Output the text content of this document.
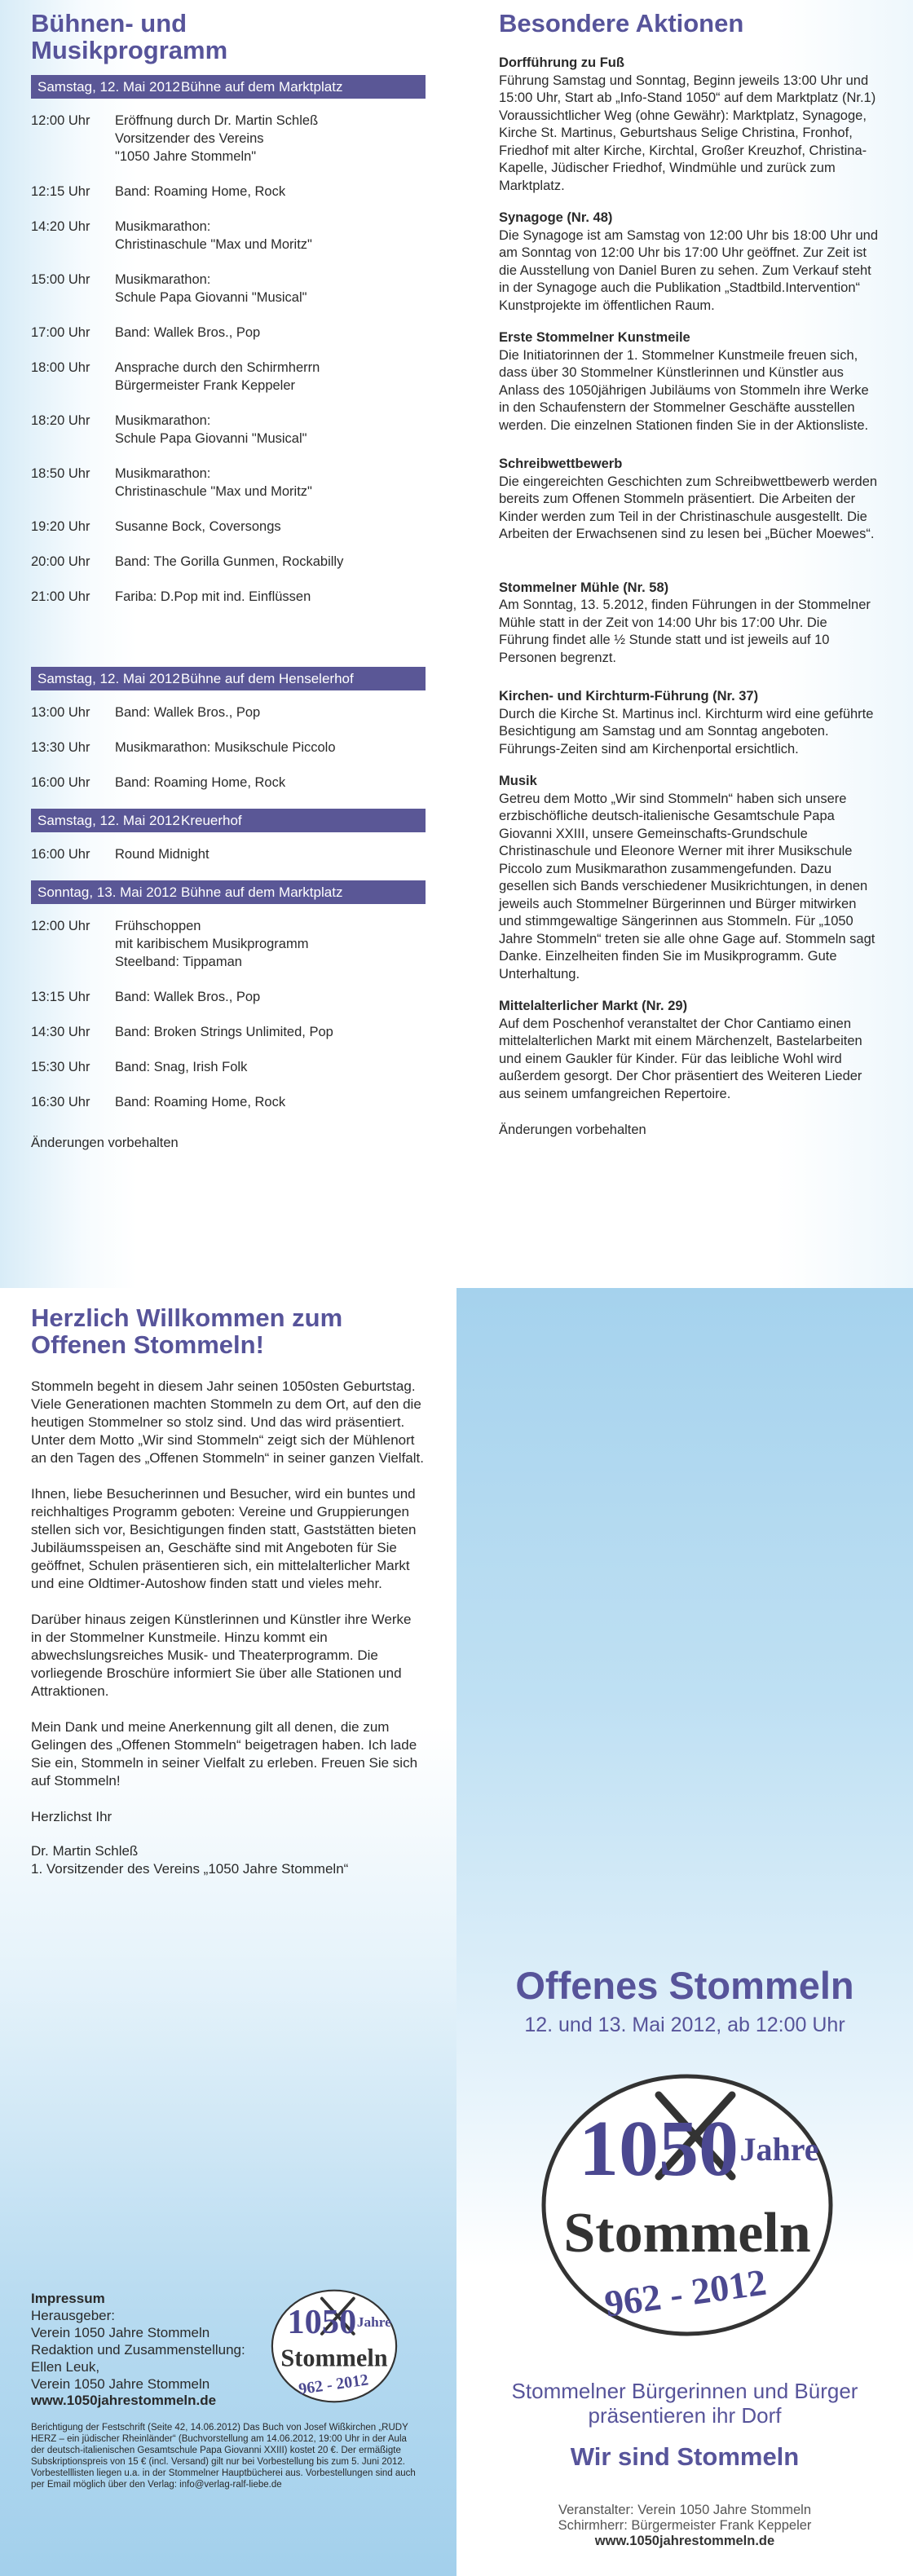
Bühnen- und
Musikprogramm
Samstag, 12. Mai 2012Bühne auf dem Marktplatz
12:00 Uhr	Eröffnung durch Dr. Martin Schleß
Vorsitzender des Vereins
"1050 Jahre Stommeln"
12:15 Uhr	Band: Roaming Home, Rock
14:20 Uhr	Musikmarathon:
Christinaschule "Max und Moritz"
15:00 Uhr	Musikmarathon:
Schule Papa Giovanni "Musical"
17:00 Uhr	Band: Wallek Bros., Pop
18:00 Uhr	Ansprache durch den Schirmherrn
Bürgermeister Frank Keppeler
18:20 Uhr	Musikmarathon:
Schule Papa Giovanni "Musical"
18:50 Uhr	Musikmarathon:
Christinaschule "Max und Moritz"
19:20 Uhr	Susanne Bock, Coversongs
20:00 Uhr	Band: The Gorilla Gunmen, Rockabilly
21:00 Uhr	Fariba: D.Pop mit ind. Einflüssen
Samstag, 12. Mai 2012Bühne auf dem Henselerhof
13:00 Uhr	Band: Wallek Bros., Pop
13:30 Uhr	Musikmarathon: Musikschule Piccolo
16:00 Uhr	Band: Roaming Home, Rock
Samstag, 12. Mai 2012Kreuerhof
16:00 Uhr	Round Midnight
Sonntag, 13. Mai 2012 Bühne auf dem Marktplatz
12:00 Uhr	Frühschoppen
mit karibischem Musikprogramm
Steelband: Tippaman
13:15 Uhr	Band: Wallek Bros., Pop
14:30 Uhr	Band: Broken Strings Unlimited, Pop
15:30 Uhr	Band: Snag, Irish Folk
16:30 Uhr	Band: Roaming Home, Rock
Änderungen vorbehalten
Besondere Aktionen
Dorfführung zu Fuß

Führung Samstag und Sonntag, Beginn jeweils 13:00 Uhr und 15:00 Uhr, Start ab „Info-Stand 1050“ auf dem Marktplatz (Nr.1) Voraussichtlicher Weg (ohne Gewähr): Marktplatz, Synagoge, Kirche St. Martinus, Geburtshaus Selige Christina, Fronhof, Friedhof mit alter Kirche, Kirchtal, Großer Kreuzhof, Christina-Kapelle, Jüdischer Friedhof, Windmühle und zurück zum Marktplatz.

Synagoge (Nr. 48)

Die Synagoge ist am Samstag von 12:00 Uhr bis 18:00 Uhr und am Sonntag von 12:00 Uhr bis 17:00 Uhr geöffnet. Zur Zeit ist die Ausstellung von Daniel Buren zu sehen. Zum Verkauf steht in der Synagoge auch die Publikation „Stadtbild.Intervention“ Kunstprojekte im öffentlichen Raum.

Erste Stommelner Kunstmeile

Die Initiatorinnen der 1. Stommelner Kunstmeile freuen sich, dass über 30 Stommelner Künstlerinnen und Künstler aus Anlass des 1050jährigen Jubiläums von Stommeln ihre Werke in den Schaufenstern der Stommelner Geschäfte ausstellen werden. Die einzelnen Stationen finden Sie in der Aktionsliste.

Schreibwettbewerb

Die eingereichten Geschichten zum Schreibwettbewerb werden bereits zum Offenen Stommeln präsentiert. Die Arbeiten der Kinder werden zum Teil in der Christinaschule ausgestellt. Die Arbeiten der Erwachsenen sind zu lesen bei „Bücher Moewes“.

Stommelner Mühle (Nr. 58)

Am Sonntag, 13. 5.2012, finden Führungen in der Stommelner Mühle statt in der Zeit von 14:00 Uhr bis 17:00 Uhr. Die Führung findet alle ½ Stunde statt und ist jeweils auf 10 Personen begrenzt.

Kirchen- und Kirchturm-Führung (Nr. 37)

Durch die Kirche St. Martinus incl. Kirchturm wird eine geführte Besichtigung am Samstag und am Sonntag angeboten. Führungs-Zeiten sind am Kirchenportal ersichtlich.

Musik

Getreu dem Motto „Wir sind Stommeln“ haben sich unsere erzbischöfliche deutsch-italienische Gesamtschule Papa Giovanni XXIII, unsere Gemeinschafts-Grundschule Christinaschule und Eleonore Werner mit ihrer Musikschule Piccolo zum Musikmarathon zusammengefunden. Dazu gesellen sich Bands verschiedener Musikrichtungen, in denen jeweils auch Stommelner Bürgerinnen und Bürger mitwirken und stimmgewaltige Sängerinnen aus Stommeln. Für „1050 Jahre Stommeln“ treten sie alle ohne Gage auf. Stommeln sagt Danke. Einzelheiten finden Sie im Musikprogramm. Gute Unterhaltung.

Mittelalterlicher Markt (Nr. 29)

Auf dem Poschenhof veranstaltet der Chor Cantiamo einen mittelalterlichen Markt mit einem Märchenzelt, Bastelarbeiten und einem Gaukler für Kinder. Für das leibliche Wohl wird außerdem gesorgt. Der Chor präsentiert des Weiteren Lieder aus seinem umfangreichen Repertoire.

Änderungen vorbehalten
Herzlich Willkommen zum
Offenen Stommeln!

Stommeln begeht in diesem Jahr seinen 1050sten Geburtstag. Viele Generationen machten Stommeln zu dem Ort, auf den die heutigen Stommelner so stolz sind. Und das wird präsentiert. Unter dem Motto „Wir sind Stommeln“ zeigt sich der Mühlenort an den Tagen des „Offenen Stommeln“ in seiner ganzen Vielfalt.

Ihnen, liebe Besucherinnen und Besucher, wird ein buntes und reichhaltiges Programm geboten: Vereine und Gruppierungen stellen sich vor, Besichtigungen finden statt, Gaststätten bieten Jubiläumsspeisen an, Geschäfte sind mit Angeboten für Sie geöffnet, Schulen präsentieren sich, ein mittelalterlicher Markt und eine Oldtimer-Autoshow finden statt und vieles mehr.

Darüber hinaus zeigen Künstlerinnen und Künstler ihre Werke in der Stommelner Kunstmeile. Hinzu kommt ein abwechslungsreiches Musik- und Theaterprogramm. Die vorliegende Broschüre informiert Sie über alle Stationen und Attraktionen.

Mein Dank und meine Anerkennung gilt all denen, die zum Gelingen des „Offenen Stommeln“ beigetragen haben. Ich lade Sie ein, Stommeln in seiner Vielfalt zu erleben. Freuen Sie sich auf Stommeln!

Herzlichst Ihr

Dr. Martin Schleß
1. Vorsitzender des Vereins „1050 Jahre Stommeln“
Impressum
Herausgeber:
Verein 1050 Jahre Stommeln
Redaktion und Zusammenstellung:
Ellen Leuk,
Verein 1050 Jahre Stommeln
www.1050jahrestommeln.de
Berichtigung der Festschrift (Seite 42, 14.06.2012) Das Buch von Josef Wißkirchen „RUDY HERZ – ein jüdischer Rheinländer“ (Buchvorstellung am 14.06.2012, 19:00 Uhr in der Aula der deutsch-italienischen Gesamtschule Papa Giovanni XXIII) kostet 20 €. Der ermäßigte Subskriptionspreis von 15 € (incl. Versand) gilt nur bei Vorbestellung bis zum 5. Juni 2012. Vorbestelllisten liegen u.a. in der Stommelner Hauptbücherei aus. Vorbestellungen sind auch per Email möglich über den Verlag: info@verlag-ralf-liebe.de
1050 Jahre
Stommeln
962 - 2012
Offenes Stommeln
12. und 13. Mai 2012, ab 12:00 Uhr
1050 Jahre
Stommeln
962 - 2012
Stommelner Bürgerinnen und Bürger
präsentieren ihr Dorf
Wir sind Stommeln
Veranstalter: Verein 1050 Jahre Stommeln
Schirmherr: Bürgermeister Frank Keppeler
www.1050jahrestommeln.de
